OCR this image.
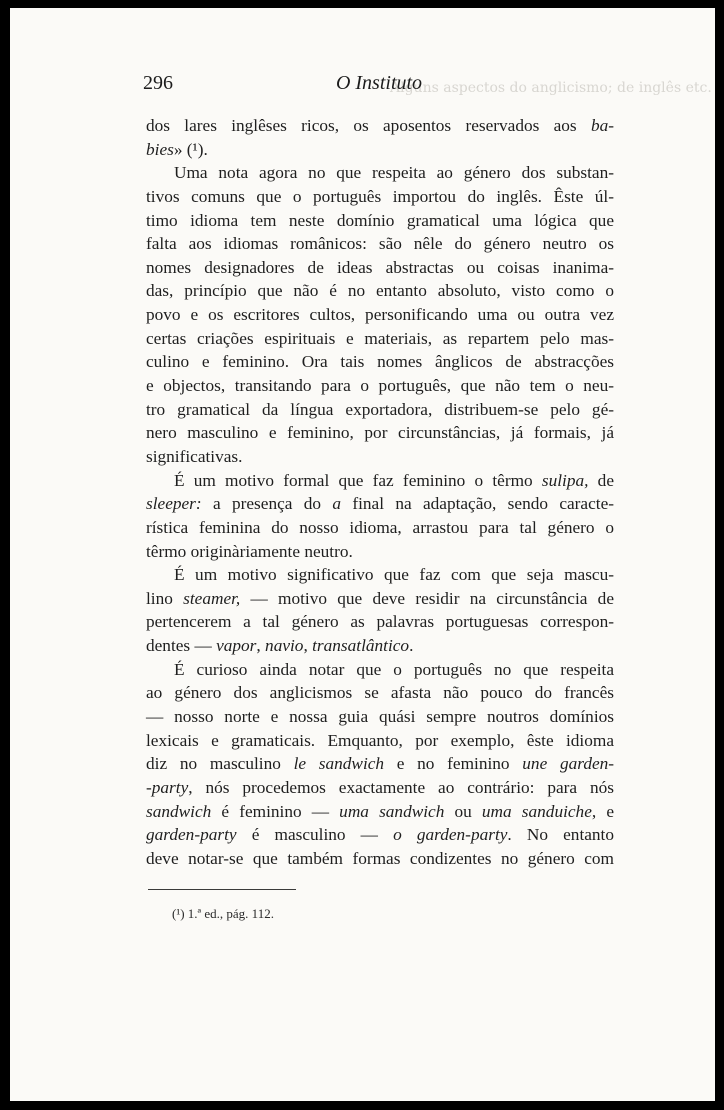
Alguns aspectos do anglicismo; de inglês etc.
296	O Instituto
dos lares inglêses ricos, os aposentos reservados aos ba-
bies» (¹).
Uma nota agora no que respeita ao género dos substan-
tivos comuns que o português importou do inglês. Êste úl-
timo idioma tem neste domínio gramatical uma lógica que
falta aos idiomas românicos: são nêle do género neutro os
nomes designadores de ideas abstractas ou coisas inanima-
das, princípio que não é no entanto absoluto, visto como o
povo e os escritores cultos, personificando uma ou outra vez
certas criações espirituais e materiais, as repartem pelo mas-
culino e feminino. Ora tais nomes ânglicos de abstracções
e objectos, transitando para o português, que não tem o neu-
tro gramatical da língua exportadora, distribuem-se pelo gé-
nero masculino e feminino, por circunstâncias, já formais, já
significativas.
É um motivo formal que faz feminino o têrmo sulipa, de
sleeper: a presença do a final na adaptação, sendo caracte-
rística feminina do nosso idioma, arrastou para tal género o
têrmo originàriamente neutro.
É um motivo significativo que faz com que seja mascu-
lino steamer, — motivo que deve residir na circunstância de
pertencerem a tal género as palavras portuguesas correspon-
dentes — vapor, navio, transatlântico.
É curioso ainda notar que o português no que respeita
ao género dos anglicismos se afasta não pouco do francês
— nosso norte e nossa guia quási sempre noutros domínios
lexicais e gramaticais. Emquanto, por exemplo, êste idioma
diz no masculino le sandwich e no feminino une garden-
-party, nós procedemos exactamente ao contrário: para nós
sandwich é feminino — uma sandwich ou uma sanduiche, e
garden-party é masculino — o garden-party. No entanto
deve notar-se que também formas condizentes no género com
(¹) 1.ª ed., pág. 112.
